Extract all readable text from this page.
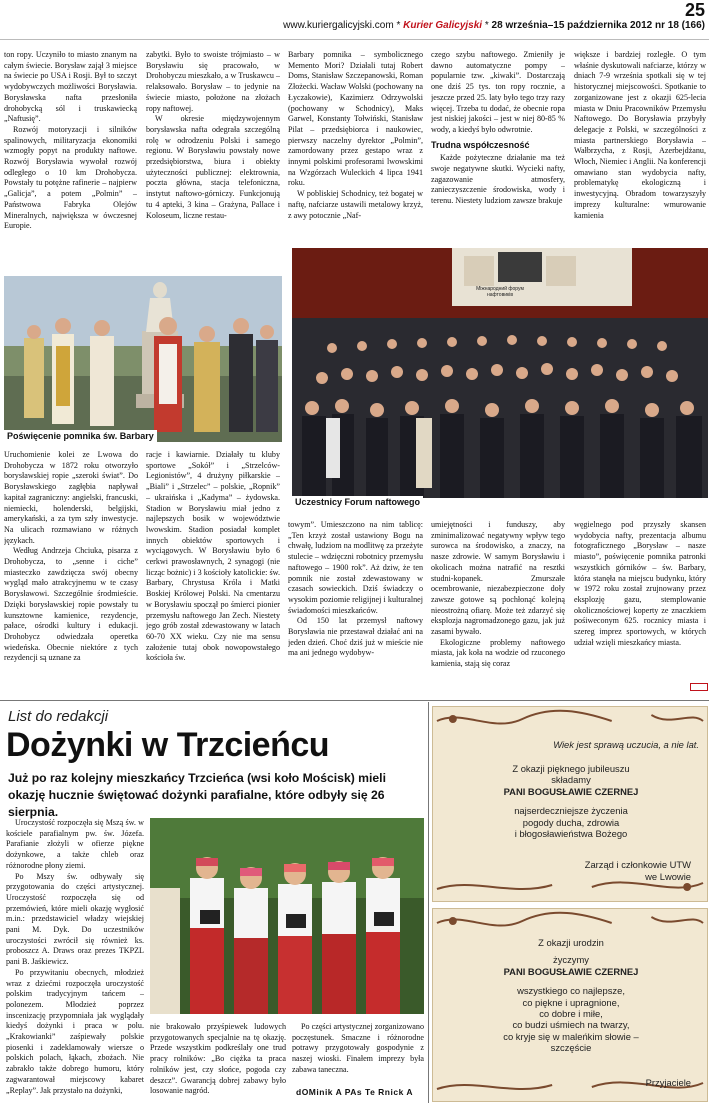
25
www.kuriergalicyjski.com * Kurier Galicyjski * 28 września–15 października 2012 nr 18 (166)

ton ropy. Uczyniło to miasto znanym na całym świecie. Borysław zajął 3 miejsce na świecie po USA i Rosji. Był to szczyt wydobywczych możliwości Borysławia. Borysławska nafta przesłoniła drohobycką sól i truskawiecką „Naftusię”.

Rozwój motoryzacji i silników spalinowych, militaryzacja ekonomiki wzmogły popyt na produkty naftowe. Rozwój Borysławia wywołał rozwój odległego o 10 km Drohobycza. Powstały tu potężne rafinerie – najpierw „Galicja”, a potem „Polmin” – Państwowa Fabryka Olejów Mineralnych, największa w ówczesnej Europie.

zabytki. Było to swoiste trójmiasto – w Borysławiu się pracowało, w Drohobyczu mieszkało, a w Truskawcu – relaksowało. Borysław – to jedynie na świecie miasto, położone na złożach ropy naftowej.

W okresie międzywojennym borysławska nafta odegrała szczególną rolę w odrodzeniu Polski i samego regionu. W Borysławiu powstały nowe przedsiębiorstwa, biura i obiekty użyteczności publicznej: elektrownia, poczta główna, stacja telefoniczna, instytut naftowo-górniczy. Funkcjonują tu 4 apteki, 3 kina – Grażyna, Pallace i Koloseum, liczne restau-

Barbary pomnika – symbolicznego Memento Mori? Działali tutaj Robert Doms, Stanisław Szczepanowski, Roman Złożecki. Wacław Wolski (pochowany na Łyczakowie), Kazimierz Odrzywolski (pochowany w Schodnicy), Maks Garwel, Konstanty Tołwiński, Stanisław Pilat – przedsiębiorca i naukowiec, pierwszy naczelny dyrektor „Polmin”, zamordowany przez gestapo wraz z innymi polskimi profesorami lwowskimi na Wzgórzach Wuleckich 4 lipca 1941 roku.

W pobliskiej Schodnicy, też bogatej w naftę, nafciarze ustawili metalowy krzyż, z awy potocznie „Naf-

czego szybu naftowego. Zmieniły je dawno automatyczne pompy – popularnie tzw. „kiwaki”. Dostarczają one dziś 25 tys. ton ropy rocznie, a jeszcze przed 25. laty było tego trzy razy więcej. Trzeba tu dodać, że obecnie ropa jest niskiej jakości – jest w niej 80-85 % wody, a kiedyś było odwrotnie.

Trudna współczesność

Każde pożyteczne działanie ma też swoje negatywne skutki. Wycieki nafty, zagazowanie atmosfery, zanieczyszczenie środowiska, wody i terenu. Niestety ludziom zawsze brakuje

większe i bardziej rozległe. O tym właśnie dyskutowali nafciarze, którzy w dniach 7-9 września spotkali się w tej historycznej miejscowości. Spotkanie to zorganizowane jest z okazji 625-lecia miasta w Dniu Pracowników Przemysłu Naftowego. Do Borysławia przybyły delegacje z Polski, w szczególności z miasta partnerskiego Borysławia – Wałbrzycha, z Rosji, Azerbejdżanu, Włoch, Niemiec i Anglii. Na konferencji omawiano stan wydobycia nafty, problematykę ekologiczną i inwestycyjną. Obradom towarzyszyły imprezy kulturalne: wmurowanie kamienia

Poświęcenie pomnika św. Barbary
Міжнародний форум нафтовиків
Uczestnicy Forum naftowego

Uruchomienie kolei ze Lwowa do Drohobycza w 1872 roku otworzyło borysławskiej ropie „szeroki świat”. Do Borysławskiego zagłębia napływał kapitał zagraniczny: angielski, francuski, niemiecki, holenderski, belgijski, amerykański, a za tym szły inwestycje. Na ulicach rozmawiano w różnych językach.

Według Andrzeja Chciuka, pisarza z Drohobycza, to „senne i ciche” miasteczko zawdzięcza swój obecny wygląd mało atrakcyjnemu w te czasy Borysławowi. Szczególnie środmieście. Dzięki borysławskiej ropie powstały tu kunsztowne kamienice, rezydencje, pałace, ośrodki kultury i edukacji. Drohobycz odwiedzała operetka wiedeńska. Obecnie niektóre z tych rezydencji są uznane za

racje i kawiarnie. Działały tu kluby sportowe „Sokół” i „Strzelców-Legionistów”, 4 drużyny piłkarskie – „Biali” i „Strzelec” – polskie, „Ropnik” – ukraińska i „Kadyma” – żydowska. Stadion w Borysławiu miał jedno z najlepszych bosik w województwie lwowskim. Stadion posiadał komplet innych obiektów sportowych i wyciągowych. W Borysławiu było 6 cerkwi prawosławnych, 2 synagogi (nie licząc bożnic) i 3 kościoły katolickie: św. Barbary, Chrystusa Króla i Matki Boskiej Królowej Polski. Na cmentarzu w Borysławiu spoczął po śmierci pionier przemysłu naftowego Jan Zech. Niestety jego grób został zdewastowany w latach 60-70 XX wieku. Czy nie ma sensu założenie tutaj obok nowopowstałego kościoła św.

towym”. Umieszczono na nim tablicę: „Ten krzyż został ustawiony Bogu na chwałę, ludziom na modlitwę za przeżyte stulecie – wdzięczni robotnicy przemysłu naftowego – 1900 rok”. Aż dziw, że ten pomnik nie został zdewastowany w czasach sowieckich. Dziś świadczy o wysokim poziomie religijnej i kulturalnej świadomości mieszkańców.

Od 150 lat przemysł naftowy Borysławia nie przestawał działać ani na jeden dzień. Choć dziś już w mieście nie ma ani jednego wydobyw-

umiejętności i funduszy, aby zminimalizować negatywny wpływ tego surowca na środowisko, a znaczy, na nasze zdrowie. W samym Borysławiu i okolicach można natrafić na resztki studni-kopanek. Zmurszałe ocembrowanie, niezabezpieczone doły zawsze gotowe są pochłonąć kolejną nieostrożną ofiarę. Może też zdarzyć się eksplozja nagromadzonego gazu, jak już zasami bywało.

Ekologiczne problemy naftowego miasta, jak koła na wodzie od rzuconego kamienia, stają się coraz

węgielnego pod przyszły skansen wydobycia nafty, prezentacja albumu fotograficznego „Borysław – nasze miasto”, poświęcenie pomnika patronki wszystkich górników – św. Barbary, która stanęła na miejscu budynku, który w 1972 roku został zrujnowany przez eksplozję gazu, stemplowanie okolicznościowej koperty ze znaczkiem pośiweconym 625. rocznicy miasta i szereg imprez sportowych, w których udział wzięli mieszkańcy miasta.

List do redakcji
Dożynki w Trzcieńcu
Już po raz kolejny mieszkańcy Trzcieńca (wsi koło Mościsk) mieli okazję hucznie świętować dożynki parafialne, które odbyły się 26 sierpnia.

Uroczystość rozpoczęła się Mszą św. w kościele parafialnym pw. św. Józefa. Parafianie złożyli w ofierze piękne dożynkowe, a także chleb oraz różnorodne płony ziemi.

Po Mszy św. odbywały się przygotowania do części artystycznej. Uroczystość rozpoczęła się od przemówień, które mieli okazję wygłosić m.in.: przedstawiciel władzy wiejskiej pani M. Dyk. Do uczestników uroczystości zwrócił się również ks. proboszcz A. Draws oraz prezes TKPZL pani B. Jaśkiewicz.

Po przywitaniu obecnych, młodzież wraz z dziećmi rozpoczęła uroczystość polskim tradycyjnym tańcem – polonezem. Młodzież poprzez inscenizację przypomniała jak wyglądały kiedyś dożynki i praca w polu. „Krakowianki” zaśpiewały polskie piosenki i zadeklamowały wiersze o polskich polach, łąkach, zbożach. Nie zabrakło także dobrego humoru, który zagwarantował miejscowy kabaret „Replay”. Jak przystało na dożynki,

nie brakowało przyśpiewek ludowych przygotowanych specjalnie na tę okazję. Przede wszystkim podkreślały one trud pracy rolników: „Bo ciężka ta praca rolników jest, czy słońce, pogoda czy deszcz”. Gwarancją dobrej zabawy było losowanie nagród.

Po części artystycznej zorganizowano poczęstunek. Smaczne i różnorodne potrawy przygotowały gospodynie z naszej wioski. Finałem imprezy była zabawa taneczna.

dOMinik A PAs Te Rnick A
Wiek jest sprawą uczucia, a nie lat.
Z okazji pięknego jubileuszu
składamy
PANI BOGUSŁAWIE CZERNEJ
najserdeczniejsze życzenia
pogody ducha, zdrowia
i błogosławieństwa Bożego
Zarząd i członkowie UTW
we Lwowie
Z okazji urodzin
życzymy
PANI BOGUSŁAWIE CZERNEJ
wszystkiego co najlepsze,
co piękne i upragnione,
co dobre i miłe,
co budzi uśmiech na twarzy,
co kryje się w maleńkim słowie –
szczęście
Przyjaciele
